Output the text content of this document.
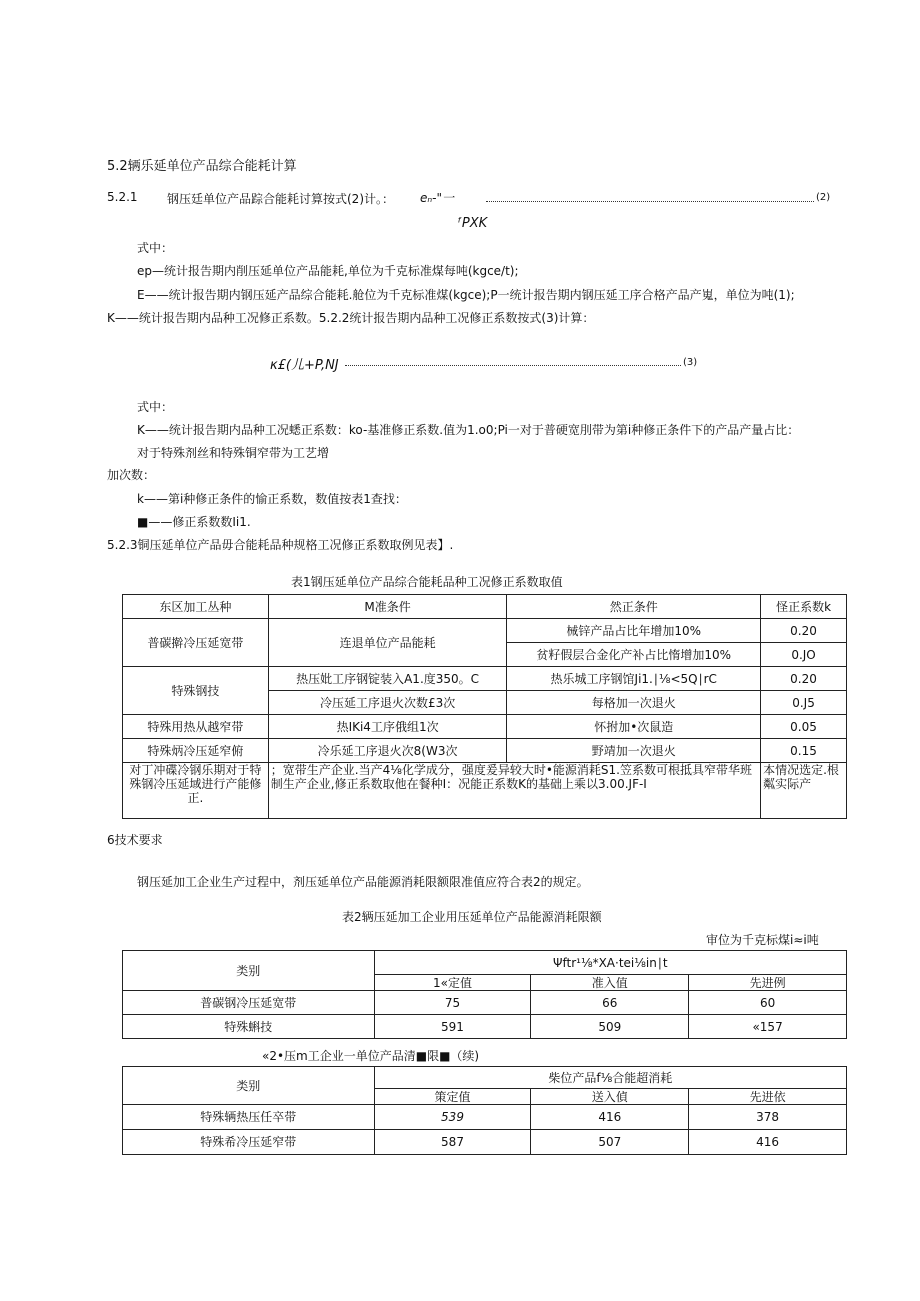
5.2辆乐延单位产品综合能耗计算
5.2.1 钢压廷单位产品踪合能耗讨算按式(2)计。： eₙ-"一	(2)
ᶠPXK
式中：
ep—统计报告期内削压延单位产品能耗,单位为千克标准煤每吨(kgce/t);
E——统计报告期内钢压延产品综合能耗.舱位为千克标准煤(kgce);P一统计报告期内钢压延工序合格产品产嵬，单位为吨(1);
K——统计报告期内品种工况修正系数。5.2.2统计报告期内品种工况修正系数按式(3)计算：
κ£(儿+P,NJ	(3)
式中：
K——统计报告期内品种工况蟋正系数：ko-基准修正系数.值为1.o0;Pi一对于普硬宽刖带为第i种修正条件下的产品产量占比：
对于特殊剂丝和特殊铜窄带为工艺增
加次数：
k——第i种修正条件的愉正系数，数值按表1查找：
■——修正系数数Ii1.
5.2.3铜压延单位产品毋合能耗品种规格工况修正系数取例见表】.
表1钢压延单位产品综合能耗品种工况修正系数取值
东区加工丛种	M准条件	然正条件	怪正系数k
普碳擀冷压延宽带	连退单位产品能耗	械锌产品占比年增加10%	0.20
		贫籽假层合金化产补占比惰增加10%	0.JO
特殊钢技	热压妣工序钢锭装入A1.度350。C	热乐城工序钢馆Ji1.∣⅛<5Q∣rC	0.20
	冷压延工序退火次数£3次	每格加一次退火	0.J5
特殊用热从越窄带	热IKi4工序俄组1次	怀拊加•次鼠造	0.05
特殊炳冷压延窄俯	冷乐延工序退火次8(W3次	野靖加一次退火	0.15
对丁冲碟冷钢乐期对于特殊钢冷压延域进行产能修正.	；宽带生产企业.当产4⅛化学成分，强度爰异较大时•能源消耗S1.笠系数可根抵具窄带华班制生产企业,修正系数取他在餐种I：况能正系数K的基础上乘以3.00.JF-I		本情况选定.根粼实际产
6技术要求
钢压延加工企业生产过程中，剂压延单位产品能源消耗限额限准值应符合表2的规定。
表2辆压延加工企业用压延单位产品能源消耗限额
审位为千克标煤i≈i吨
类别	Ψftr¹⅛*XA·tei⅛in∣t		
	1«定值	准入值	先进例
普碳钢冷压延宽带	75	66	60
特殊蝌技	591	509	«157
«2•压m工企业一单位产品清■限■（续)
类别	柴位产品f⅛合能超消耗		
	策定值	送入偵	先进依
特殊辆热压任卒带	539	416	378
特殊希冷压延窄带	587	507	416
